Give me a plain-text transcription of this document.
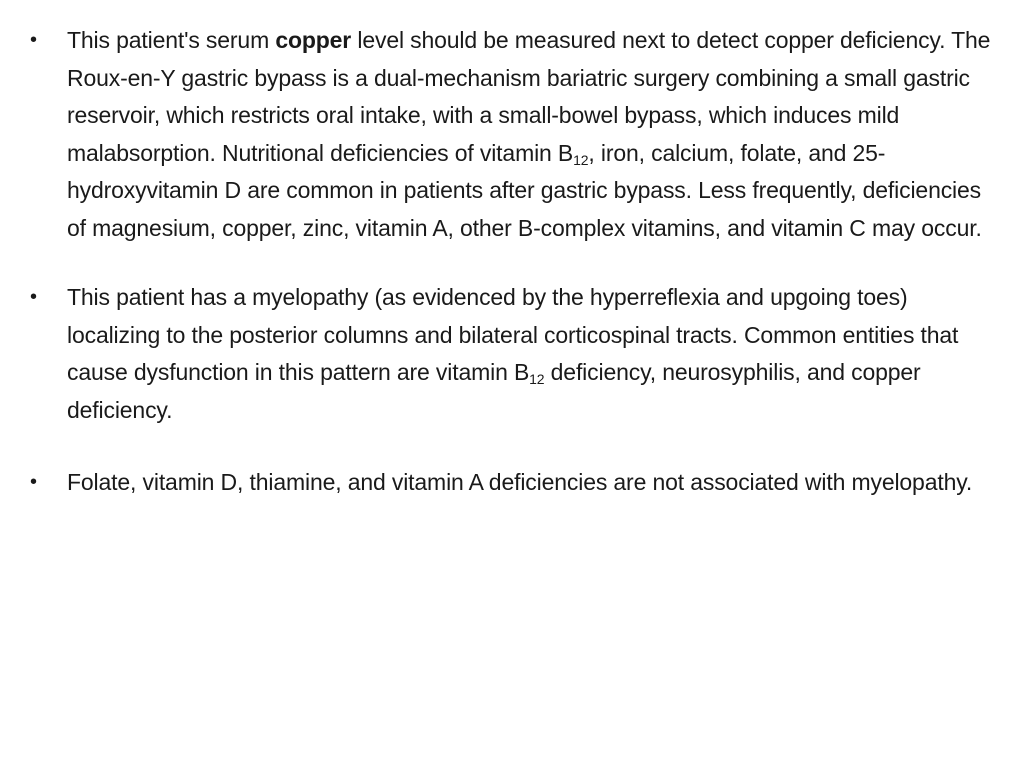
• This patient's serum copper level should be measured next to detect copper deficiency. The Roux-en-Y gastric bypass is a dual-mechanism bariatric surgery combining a small gastric reservoir, which restricts oral intake, with a small-bowel bypass, which induces mild malabsorption. Nutritional deficiencies of vitamin $B_{12}$, iron, calcium, folate, and 25-hydroxyvitamin D are common in patients after gastric bypass. Less frequently, deficiencies of magnesium, copper, zinc, vitamin A, other B-complex vitamins, and vitamin C may occur.
• This patient has a myelopathy (as evidenced by the hyperreflexia and upgoing toes) localizing to the posterior columns and bilateral corticospinal tracts. Common entities that cause dysfunction in this pattern are vitamin $B_{12}$ deficiency, neurosyphilis, and copper deficiency.
• Folate, vitamin D, thiamine, and vitamin A deficiencies are not associated with myelopathy.
